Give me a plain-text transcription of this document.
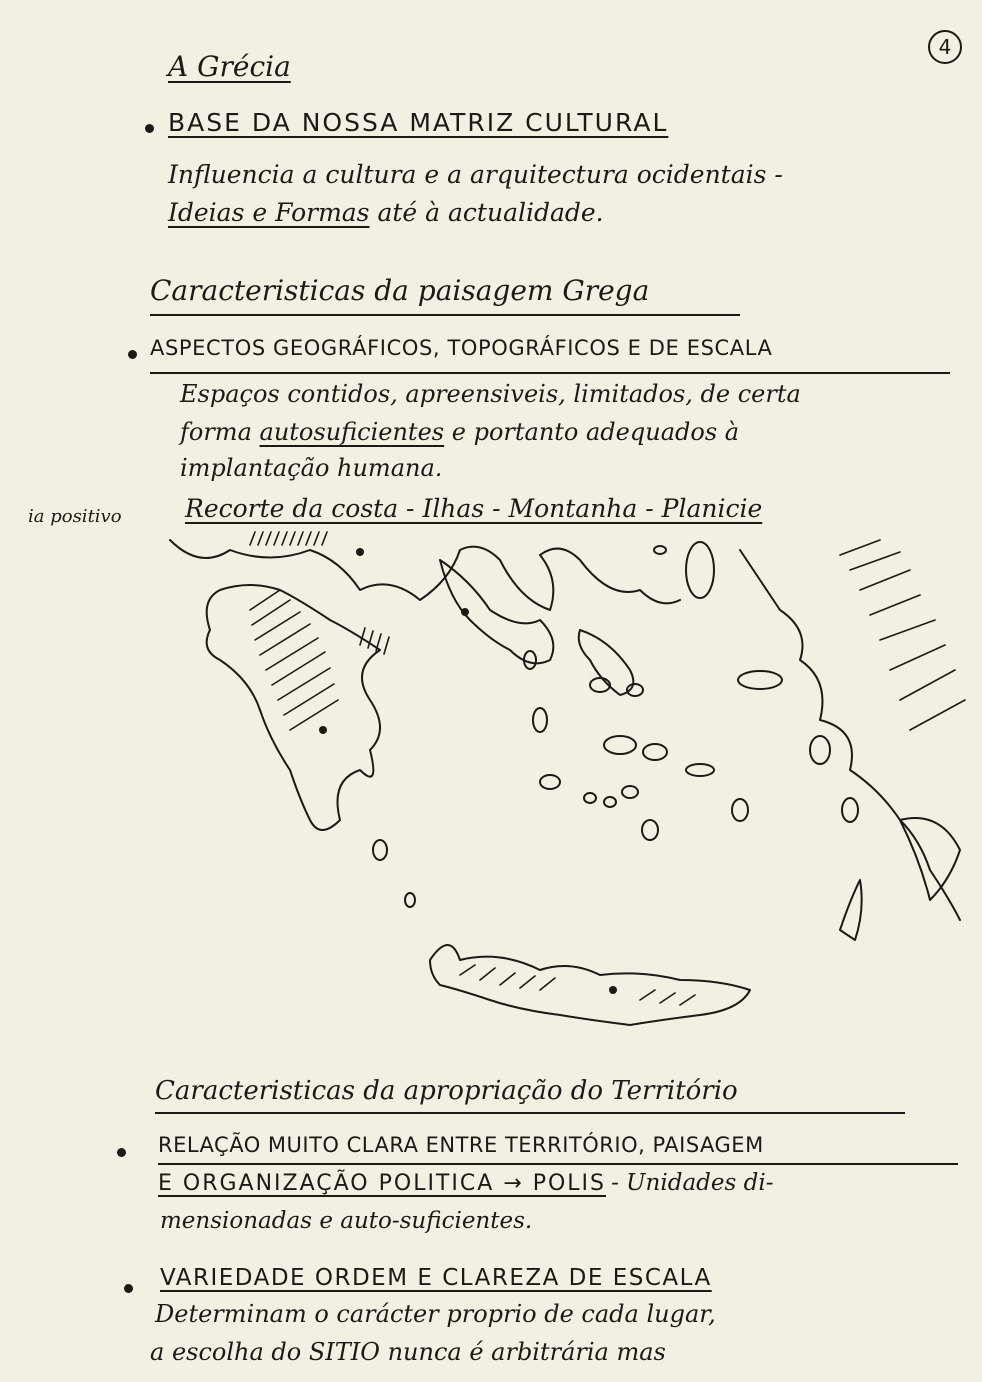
4
A Grécia
BASE DA NOSSA MATRIZ CULTURAL
Influencia a cultura e a arquitectura ocidentais -
Ideias e Formas até à actualidade.
Caracteristicas da paisagem Grega
ASPECTOS GEOGRÁFICOS, TOPOGRÁFICOS E DE ESCALA
Espaços contidos, apreensiveis, limitados, de certa
forma autosuficientes e portanto adequados à
implantação humana.
ia positivo	Recorte da costa - Ilhas - Montanha - Planicie
Caracteristicas da apropriação do Território
RELAÇÃO MUITO CLARA ENTRE TERRITÓRIO, PAISAGEM
E ORGANIZAÇÃO POLITICA → POLIS - Unidades di-
mensionadas e auto-suficientes.
VARIEDADE ORDEM E CLAREZA DE ESCALA
Determinam o carácter proprio de cada lugar,
a escolha do SITIO nunca é arbitrária mas
